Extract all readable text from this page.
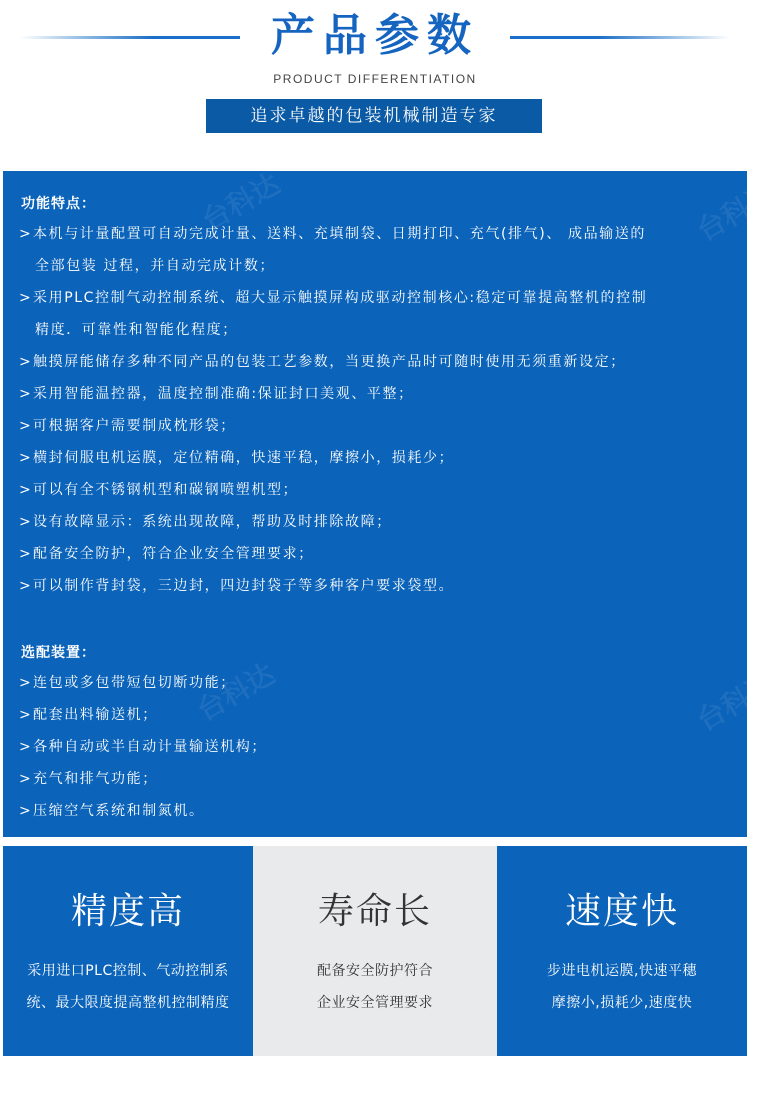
产品参数
PRODUCT DIFFERENTIATION
追求卓越的包装机械制造专家
台科达	台科达
台科达	台科达
功能特点：
>本机与计量配置可自动完成计量、送料、充填制袋、日期打印、充气(排气)、 成品输送的
全部包装 过程，并自动完成计数；
>采用PLC控制气动控制系统、超大显示触摸屏构成驱动控制核心:稳定可靠提高整机的控制
精度．可靠性和智能化程度；
>触摸屏能储存多种不同产品的包装工艺参数，当更换产品时可随时使用无须重新设定；
>采用智能温控器，温度控制准确:保证封口美观、平整；
>可根据客户需要制成枕形袋；
>横封伺服电机运膜，定位精确，快速平稳，摩擦小，损耗少；
>可以有全不锈钢机型和碳钢喷塑机型；
>设有故障显示：系统出现故障，帮助及时排除故障；
>配备安全防护，符合企业安全管理要求；
>可以制作背封袋，三边封，四边封袋子等多种客户要求袋型。
选配装置：
>连包或多包带短包切断功能；
>配套出料输送机；
>各种自动或半自动计量输送机构；
>充气和排气功能；
>压缩空气系统和制氮机。
精度高
采用进口PLC控制、气动控制系
统、最大限度提高整机控制精度
寿命长
配备安全防护符合
企业安全管理要求
速度快
步进电机运膜,快速平穗
摩擦小,损耗少,速度快
